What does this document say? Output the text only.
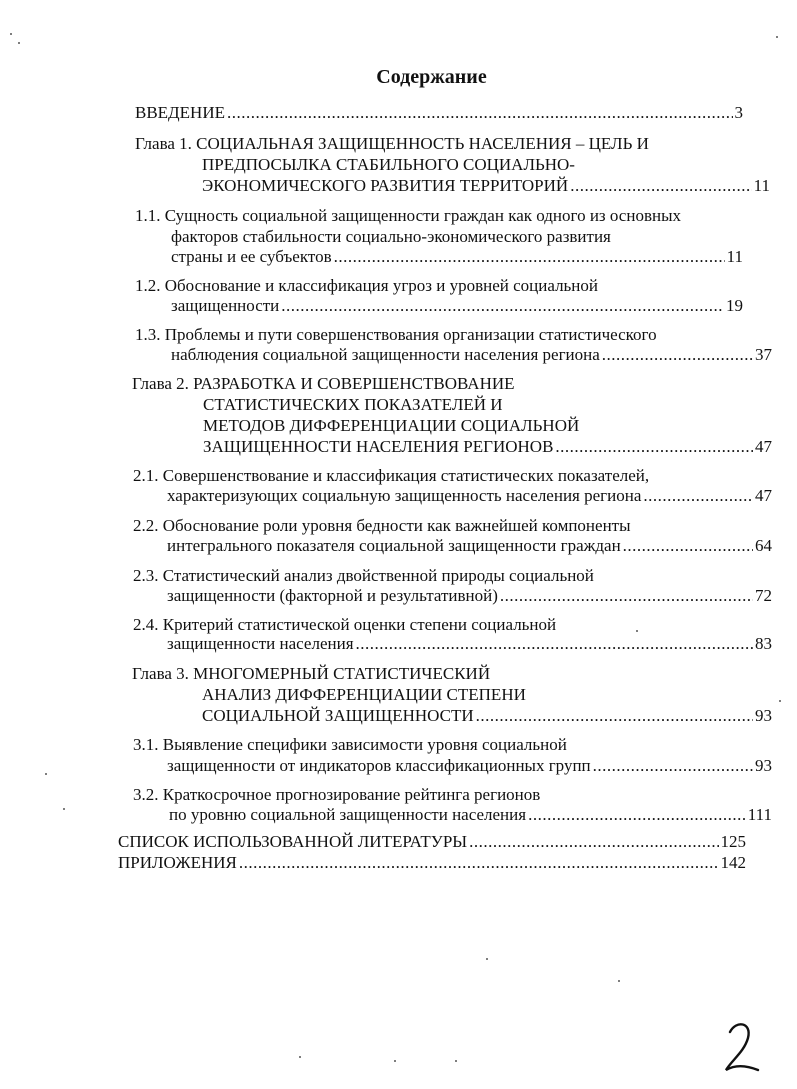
Содержание
ВВЕДЕНИЕ .....	3
Глава 1. СОЦИАЛЬНАЯ ЗАЩИЩЕННОСТЬ НАСЕЛЕНИЯ – ЦЕЛЬ И
ПРЕДПОСЫЛКА СТАБИЛЬНОГО СОЦИАЛЬНО-
ЭКОНОМИЧЕСКОГО РАЗВИТИЯ ТЕРРИТОРИЙ .....	11
1.1. Сущность социальной защищенности граждан как одного из основных
факторов стабильности социально-экономического развития
страны и ее субъектов .....	11
1.2. Обоснование и классификация угроз и уровней социальной
защищенности .....	19
1.3. Проблемы и пути совершенствования организации статистического
наблюдения социальной защищенности населения региона .....	37
Глава 2. РАЗРАБОТКА И СОВЕРШЕНСТВОВАНИЕ
СТАТИСТИЧЕСКИХ ПОКАЗАТЕЛЕЙ И
МЕТОДОВ ДИФФЕРЕНЦИАЦИИ СОЦИАЛЬНОЙ
ЗАЩИЩЕННОСТИ НАСЕЛЕНИЯ РЕГИОНОВ .....	47
2.1. Совершенствование и классификация статистических показателей,
характеризующих социальную защищенность населения региона .....	47
2.2. Обоснование роли уровня бедности как важнейшей компоненты
интегрального показателя социальной защищенности граждан .....	64
2.3. Статистический анализ двойственной природы социальной
защищенности (факторной и результативной) .....	72
2.4. Критерий статистической оценки степени социальной
защищенности населения .....	83
Глава 3. МНОГОМЕРНЫЙ СТАТИСТИЧЕСКИЙ
АНАЛИЗ ДИФФЕРЕНЦИАЦИИ СТЕПЕНИ
СОЦИАЛЬНОЙ ЗАЩИЩЕННОСТИ .....	93
3.1. Выявление специфики зависимости уровня социальной
защищенности от индикаторов классификационных групп .....	93
3.2. Краткосрочное прогнозирование рейтинга регионов
по уровню социальной защищенности населения .....	111
СПИСОК ИСПОЛЬЗОВАННОЙ ЛИТЕРАТУРЫ .....	125
ПРИЛОЖЕНИЯ .....	142
